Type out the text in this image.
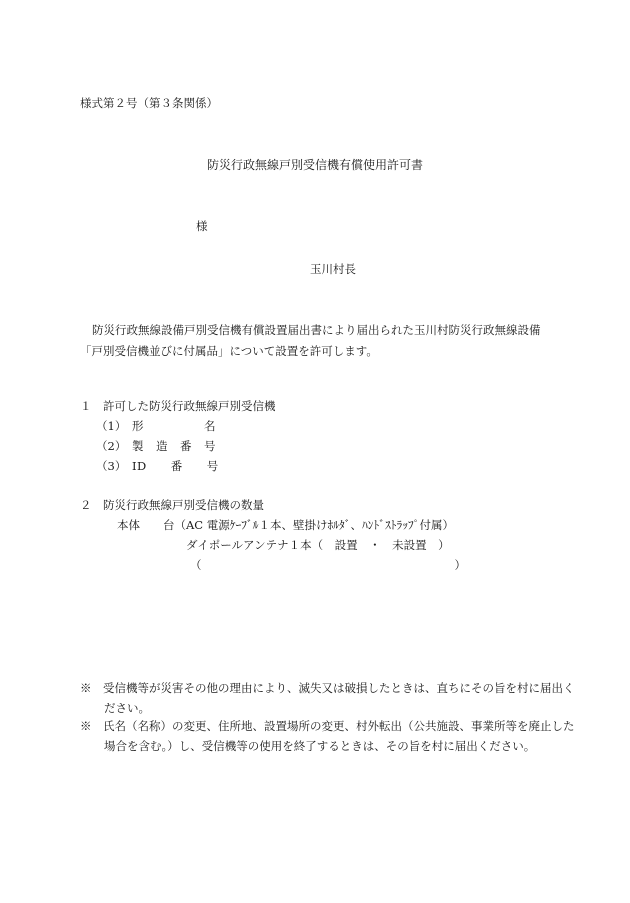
様式第２号（第３条関係）
防災行政無線戸別受信機有償使用許可書
様
玉川村長

防災行政無線設備戸別受信機有償設置届出書により届出られた玉川村防災行政無線設備

「戸別受信機並びに付属品」について設置を許可します。

１　許可した防災行政無線戸別受信機
（1） 形　　　　　名
（2） 製　造　番　号
（3） ID　　番　　号
２　防災行政無線戸別受信機の数量
本体　　台（AC 電源ｹｰﾌﾞﾙ１本、壁掛けﾎﾙﾀﾞ、ﾊﾝﾄﾞｽﾄﾗｯﾌﾟ付属）
ダイポールアンテナ１本（　設置　・　未設置　）
（	）
※　受信機等が災害その他の理由により、滅失又は破損したときは、直ちにその旨を村に届出ください。
※　氏名（名称）の変更、住所地、設置場所の変更、村外転出（公共施設、事業所等を廃止した場合を含む。）し、受信機等の使用を終了するときは、その旨を村に届出ください。
